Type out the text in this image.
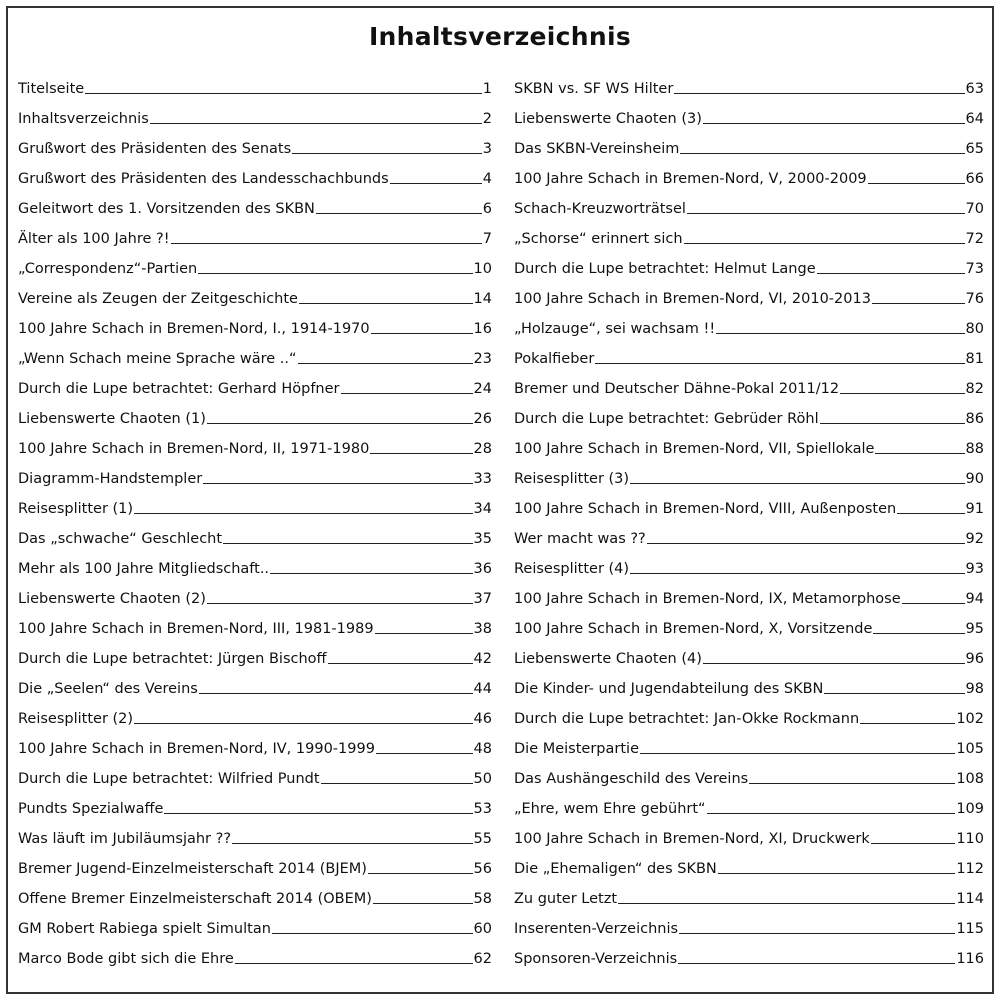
Inhaltsverzeichnis
Titelseite	1
Inhaltsverzeichnis	2
Grußwort des Präsidenten des Senats	3
Grußwort des Präsidenten des Landesschachbunds	4
Geleitwort des 1. Vorsitzenden des SKBN	6
Älter als 100 Jahre ?!	7
„Correspondenz“-Partien	10
Vereine als Zeugen der Zeitgeschichte	14
100 Jahre Schach in Bremen-Nord, I., 1914-1970	16
„Wenn Schach meine Sprache wäre ..“	23
Durch die Lupe betrachtet: Gerhard Höpfner	24
Liebenswerte Chaoten (1)	26
100 Jahre Schach in Bremen-Nord, II, 1971-1980	28
Diagramm-Handstempler	33
Reisesplitter (1)	34
Das „schwache“ Geschlecht	35
Mehr als 100 Jahre Mitgliedschaft..	36
Liebenswerte Chaoten (2)	37
100 Jahre Schach in Bremen-Nord, III, 1981-1989	38
Durch die Lupe betrachtet: Jürgen Bischoff	42
Die „Seelen“ des Vereins	44
Reisesplitter (2)	46
100 Jahre Schach in Bremen-Nord, IV, 1990-1999	48
Durch die Lupe betrachtet: Wilfried Pundt	50
Pundts Spezialwaffe	53
Was läuft im Jubiläumsjahr ??	55
Bremer Jugend-Einzelmeisterschaft 2014 (BJEM)	56
Offene Bremer Einzelmeisterschaft 2014 (OBEM)	58
GM Robert Rabiega spielt Simultan	60
Marco Bode gibt sich die Ehre	62
SKBN vs. SF WS Hilter	63
Liebenswerte Chaoten (3)	64
Das SKBN-Vereinsheim	65
100 Jahre Schach in Bremen-Nord, V, 2000-2009	66
Schach-Kreuzworträtsel	70
„Schorse“ erinnert sich	72
Durch die Lupe betrachtet: Helmut Lange	73
100 Jahre Schach in Bremen-Nord, VI, 2010-2013	76
„Holzauge“, sei wachsam !!	80
Pokalfieber	81
Bremer und Deutscher Dähne-Pokal 2011/12	82
Durch die Lupe betrachtet: Gebrüder Röhl	86
100 Jahre Schach in Bremen-Nord, VII, Spiellokale	88
Reisesplitter (3)	90
100 Jahre Schach in Bremen-Nord, VIII, Außenposten	91
Wer macht was ??	92
Reisesplitter (4)	93
100 Jahre Schach in Bremen-Nord, IX, Metamorphose	94
100 Jahre Schach in Bremen-Nord, X, Vorsitzende	95
Liebenswerte Chaoten (4)	96
Die Kinder- und Jugendabteilung des SKBN	98
Durch die Lupe betrachtet: Jan-Okke Rockmann	102
Die Meisterpartie	105
Das Aushängeschild des Vereins	108
„Ehre, wem Ehre gebührt“	109
100 Jahre Schach in Bremen-Nord, XI, Druckwerk	110
Die „Ehemaligen“ des SKBN	112
Zu guter Letzt	114
Inserenten-Verzeichnis	115
Sponsoren-Verzeichnis	116
